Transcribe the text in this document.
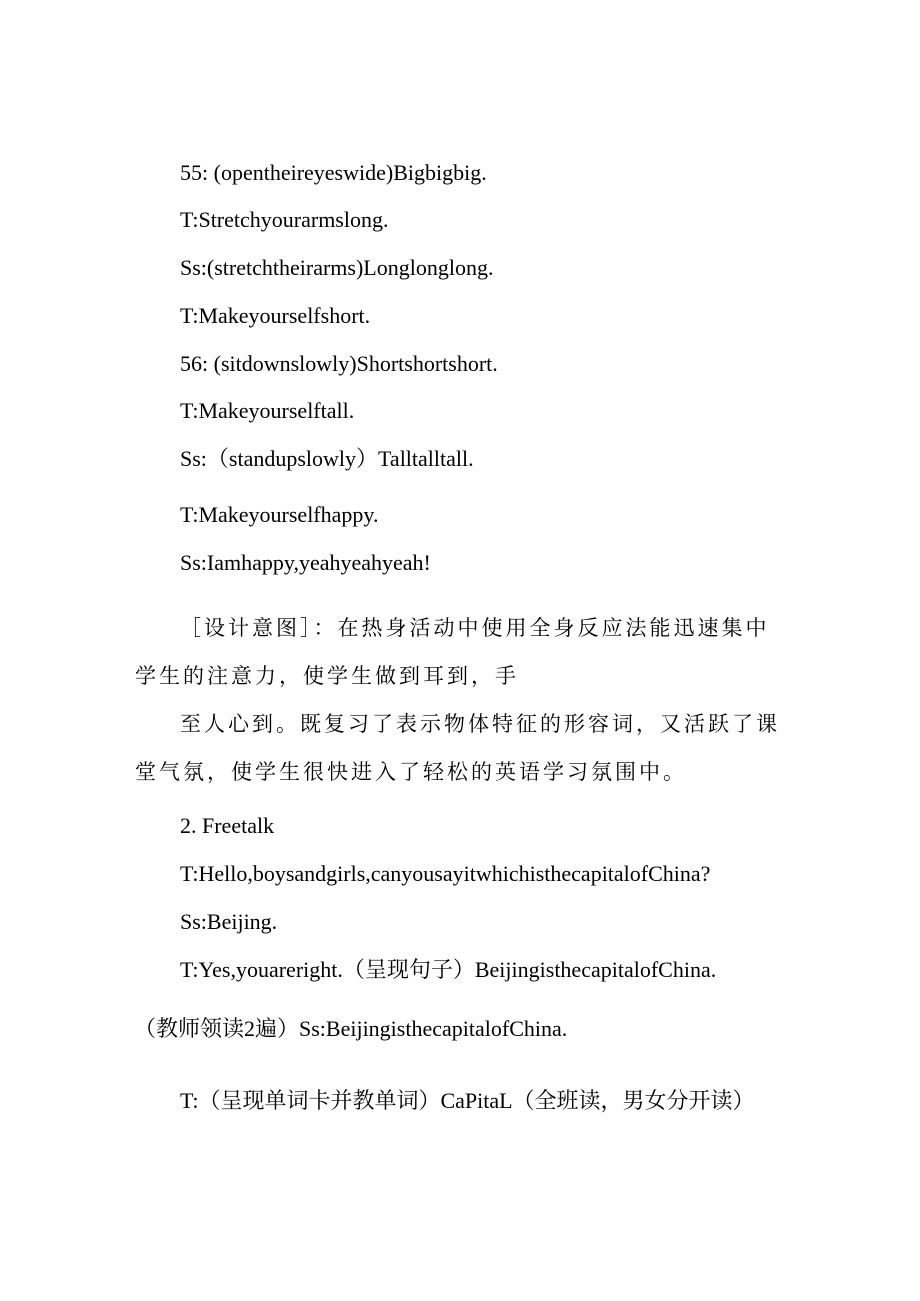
55: (opentheireyeswide)Bigbigbig.
T:Stretchyourarmslong.
Ss:(stretchtheirarms)Longlonglong.
T:Makeyourselfshort.
56: (sitdownslowly)Shortshortshort.
T:Makeyourselftall.
Ss:（standupslowly）Talltalltall.
T:Makeyourselfhappy.
Ss:Iamhappy,yeahyeahyeah!
［设计意图］：在热身活动中使用全身反应法能迅速集中学生的注意力，使学生做到耳到，手
至人心到。既复习了表示物体特征的形容词，又活跃了课堂气氛，使学生很快进入了轻松的英语学习氛围中。
2. Freetalk
T:Hello,boysandgirls,canyousayitwhichisthecapitalofChina?
Ss:Beijing.
T:Yes,youareright.（呈现句子）BeijingisthecapitalofChina.
（教师领读2遍）Ss:BeijingisthecapitalofChina.
T:（呈现单词卡并教单词）CaPitaL（全班读，男女分开读）
